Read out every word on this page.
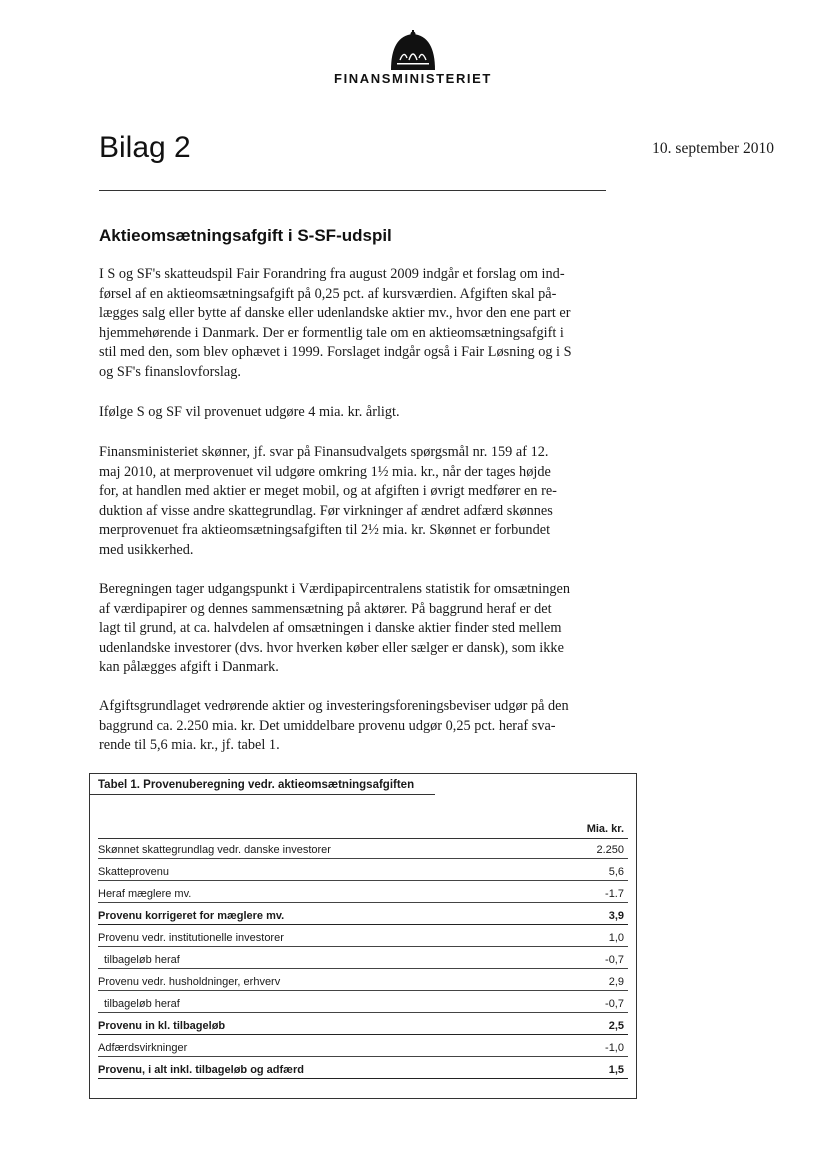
FINANSMINISTERIET
Bilag 2	10. september 2010
Aktieomsætningsafgift i S-SF-udspil
I S og SF's skatteudspil Fair Forandring fra august 2009 indgår et forslag om ind-
førsel af en aktieomsætningsafgift på 0,25 pct. af kursværdien. Afgiften skal på-
lægges salg eller bytte af danske eller udenlandske aktier mv., hvor den ene part er
hjemmehørende i Danmark. Der er formentlig tale om en aktieomsætningsafgift i
stil med den, som blev ophævet i 1999. Forslaget indgår også i Fair Løsning og i S
og SF's finanslovforslag.
Ifølge S og SF vil provenuet udgøre 4 mia. kr. årligt.
Finansministeriet skønner, jf. svar på Finansudvalgets spørgsmål nr. 159 af 12.
maj 2010, at merprovenuet vil udgøre omkring 1½ mia. kr., når der tages højde
for, at handlen med aktier er meget mobil, og at afgiften i øvrigt medfører en re-
duktion af visse andre skattegrundlag. Før virkninger af ændret adfærd skønnes
merprovenuet fra aktieomsætningsafgiften til 2½ mia. kr. Skønnet er forbundet
med usikkerhed.
Beregningen tager udgangspunkt i Værdipapircentralens statistik for omsætningen
af værdipapirer og dennes sammensætning på aktører. På baggrund heraf er det
lagt til grund, at ca. halvdelen af omsætningen i danske aktier finder sted mellem
udenlandske investorer (dvs. hvor hverken køber eller sælger er dansk), som ikke
kan pålægges afgift i Danmark.
Afgiftsgrundlaget vedrørende aktier og investeringsforeningsbeviser udgør på den
baggrund ca. 2.250 mia. kr. Det umiddelbare provenu udgør 0,25 pct. heraf sva-
rende til 5,6 mia. kr., jf. tabel 1.
Tabel 1. Provenuberegning vedr. aktieomsætningsafgiften
Mia. kr.
Skønnet skattegrundlag vedr. danske investorer	2.250
Skatteprovenu	5,6
Heraf mæglere mv.	-1.7
Provenu korrigeret for mæglere mv.	3,9
Provenu vedr. institutionelle investorer	1,0
tilbageløb heraf	-0,7
Provenu vedr. husholdninger, erhverv	2,9
tilbageløb heraf	-0,7
Provenu in kl. tilbageløb	2,5
Adfærdsvirkninger	-1,0
Provenu, i alt inkl. tilbageløb og adfærd	1,5
